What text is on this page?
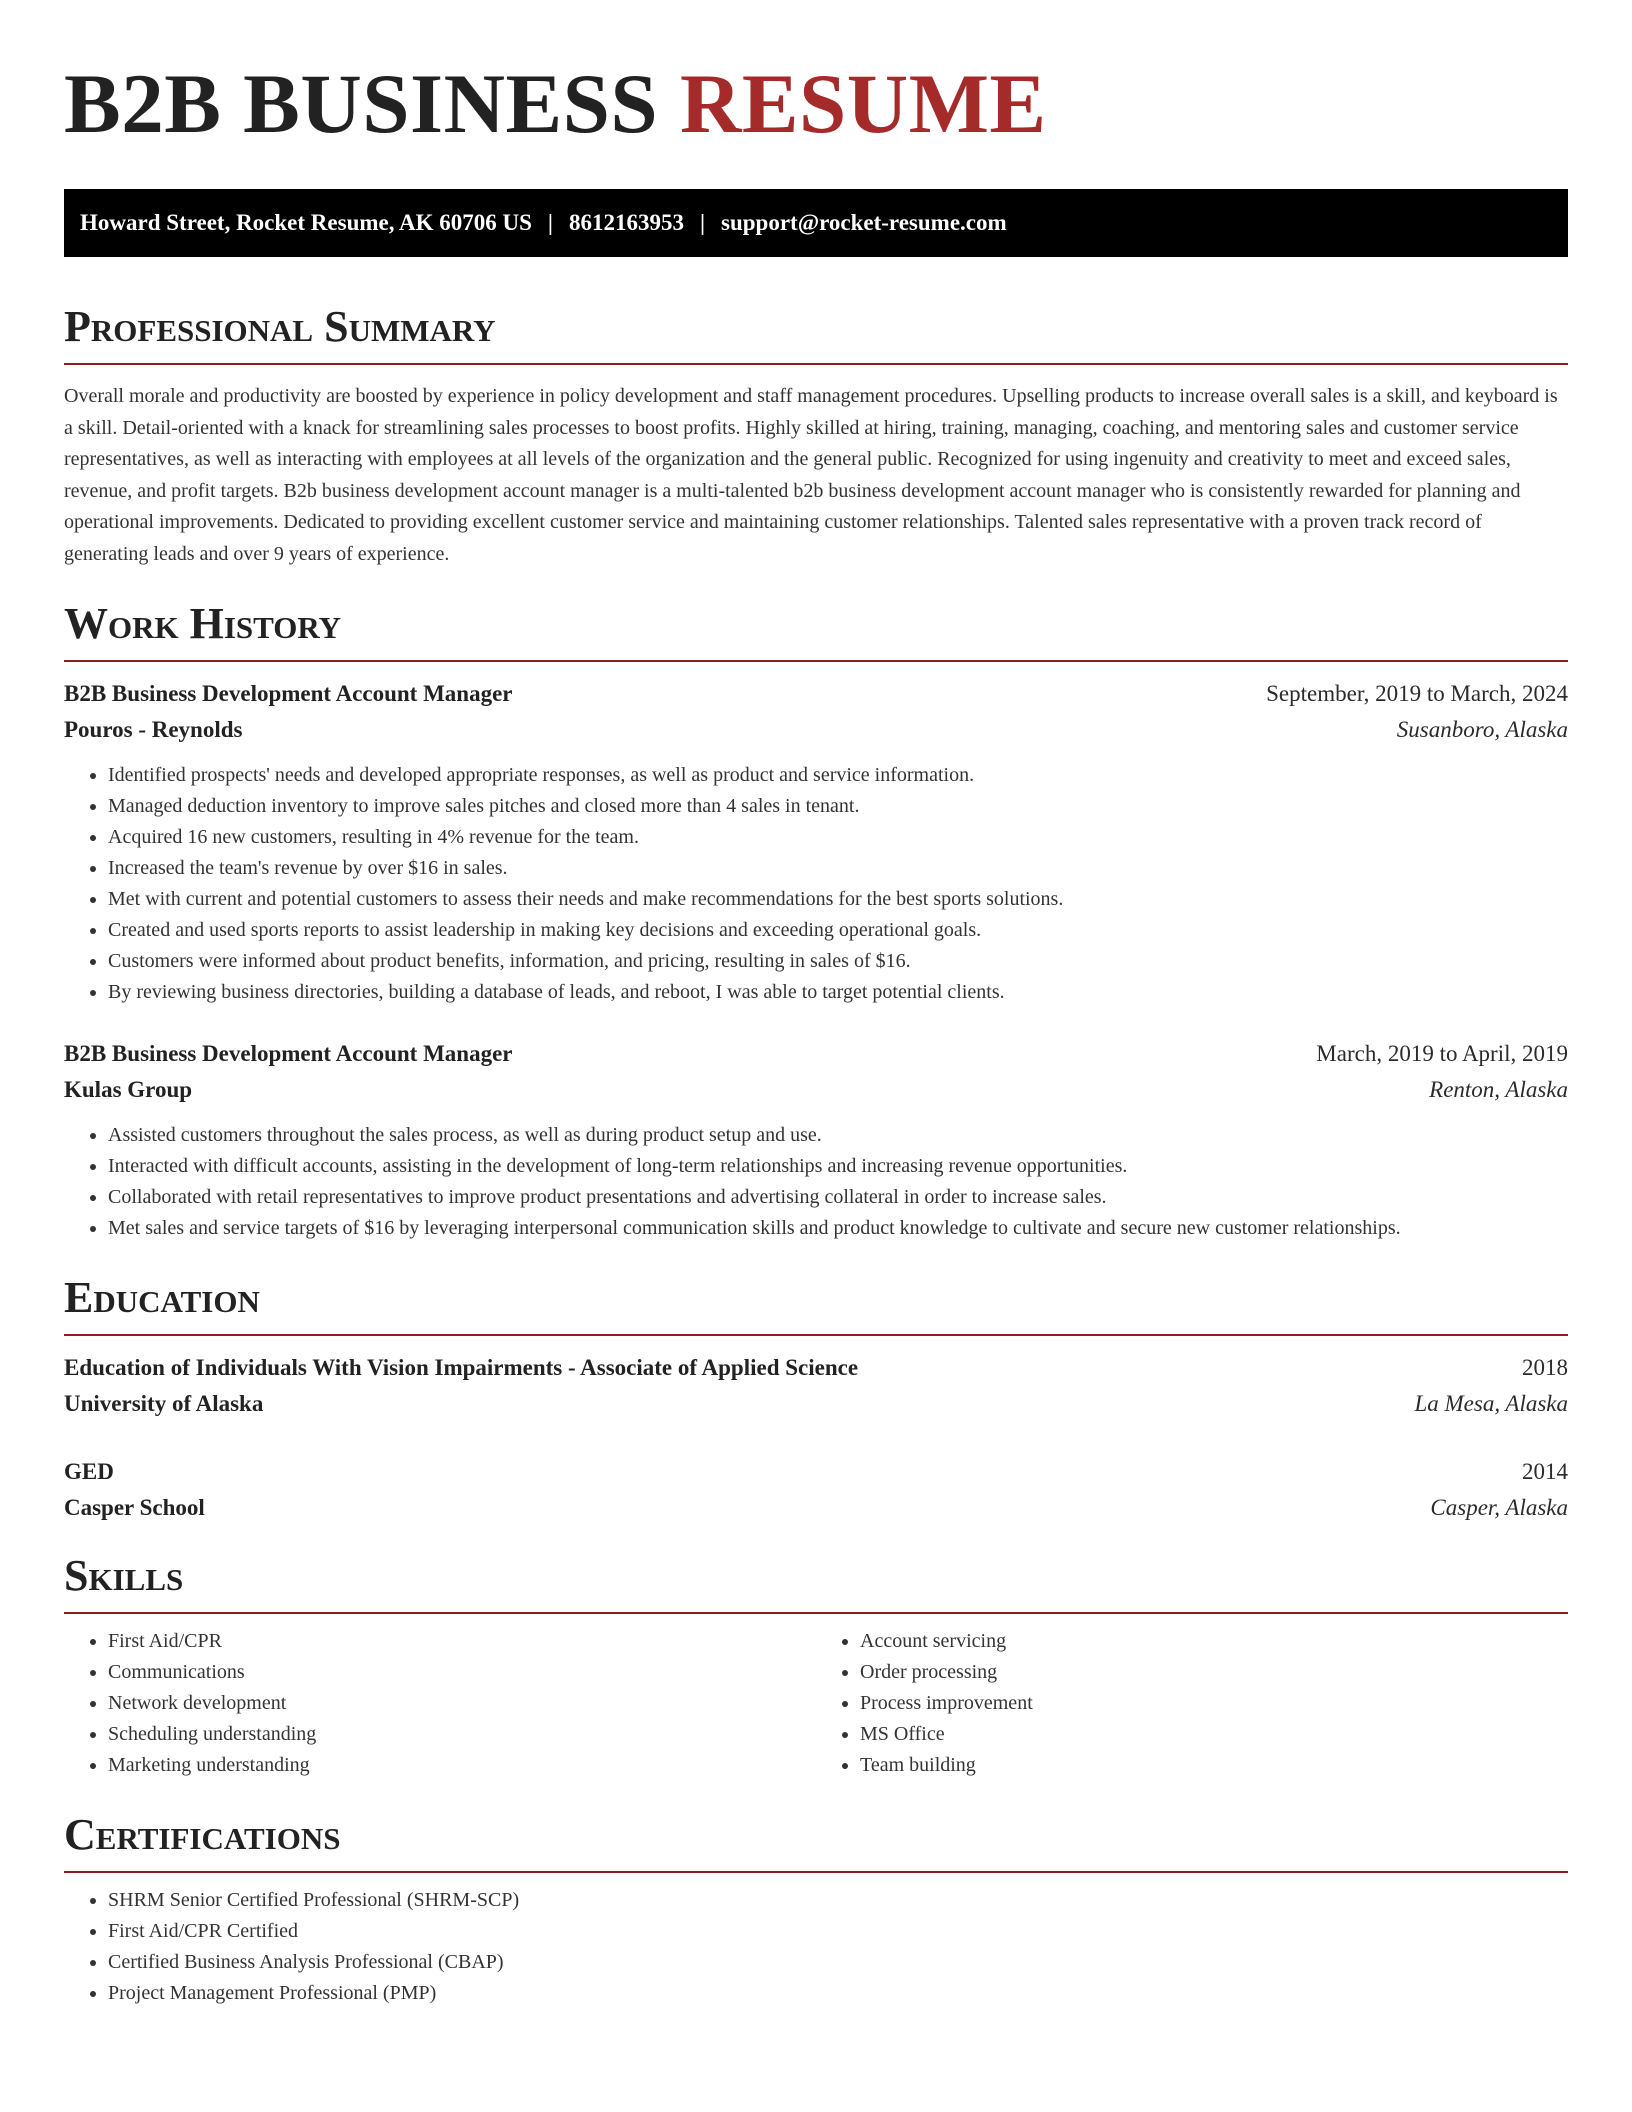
B2B BUSINESS RESUME
Howard Street, Rocket Resume, AK 60706 US | 8612163953 | support@rocket-resume.com
Professional Summary
Overall morale and productivity are boosted by experience in policy development and staff management procedures. Upselling products to increase overall sales is a skill, and keyboard is a skill. Detail-oriented with a knack for streamlining sales processes to boost profits. Highly skilled at hiring, training, managing, coaching, and mentoring sales and customer service representatives, as well as interacting with employees at all levels of the organization and the general public. Recognized for using ingenuity and creativity to meet and exceed sales, revenue, and profit targets. B2b business development account manager is a multi-talented b2b business development account manager who is consistently rewarded for planning and operational improvements. Dedicated to providing excellent customer service and maintaining customer relationships. Talented sales representative with a proven track record of generating leads and over 9 years of experience.
Work History
B2B Business Development Account Manager	September, 2019 to March, 2024
Pouros - Reynolds	Susanboro, Alaska
• Identified prospects' needs and developed appropriate responses, as well as product and service information.
• Managed deduction inventory to improve sales pitches and closed more than 4 sales in tenant.
• Acquired 16 new customers, resulting in 4% revenue for the team.
• Increased the team's revenue by over $16 in sales.
• Met with current and potential customers to assess their needs and make recommendations for the best sports solutions.
• Created and used sports reports to assist leadership in making key decisions and exceeding operational goals.
• Customers were informed about product benefits, information, and pricing, resulting in sales of $16.
• By reviewing business directories, building a database of leads, and reboot, I was able to target potential clients.
B2B Business Development Account Manager	March, 2019 to April, 2019
Kulas Group	Renton, Alaska
• Assisted customers throughout the sales process, as well as during product setup and use.
• Interacted with difficult accounts, assisting in the development of long-term relationships and increasing revenue opportunities.
• Collaborated with retail representatives to improve product presentations and advertising collateral in order to increase sales.
• Met sales and service targets of $16 by leveraging interpersonal communication skills and product knowledge to cultivate and secure new customer relationships.
Education
Education of Individuals With Vision Impairments - Associate of Applied Science	2018
University of Alaska	La Mesa, Alaska
GED	2014
Casper School	Casper, Alaska
Skills
• First Aid/CPR
• Communications
• Network development
• Scheduling understanding
• Marketing understanding
• Account servicing
• Order processing
• Process improvement
• MS Office
• Team building
Certifications
• SHRM Senior Certified Professional (SHRM-SCP)
• First Aid/CPR Certified
• Certified Business Analysis Professional (CBAP)
• Project Management Professional (PMP)
